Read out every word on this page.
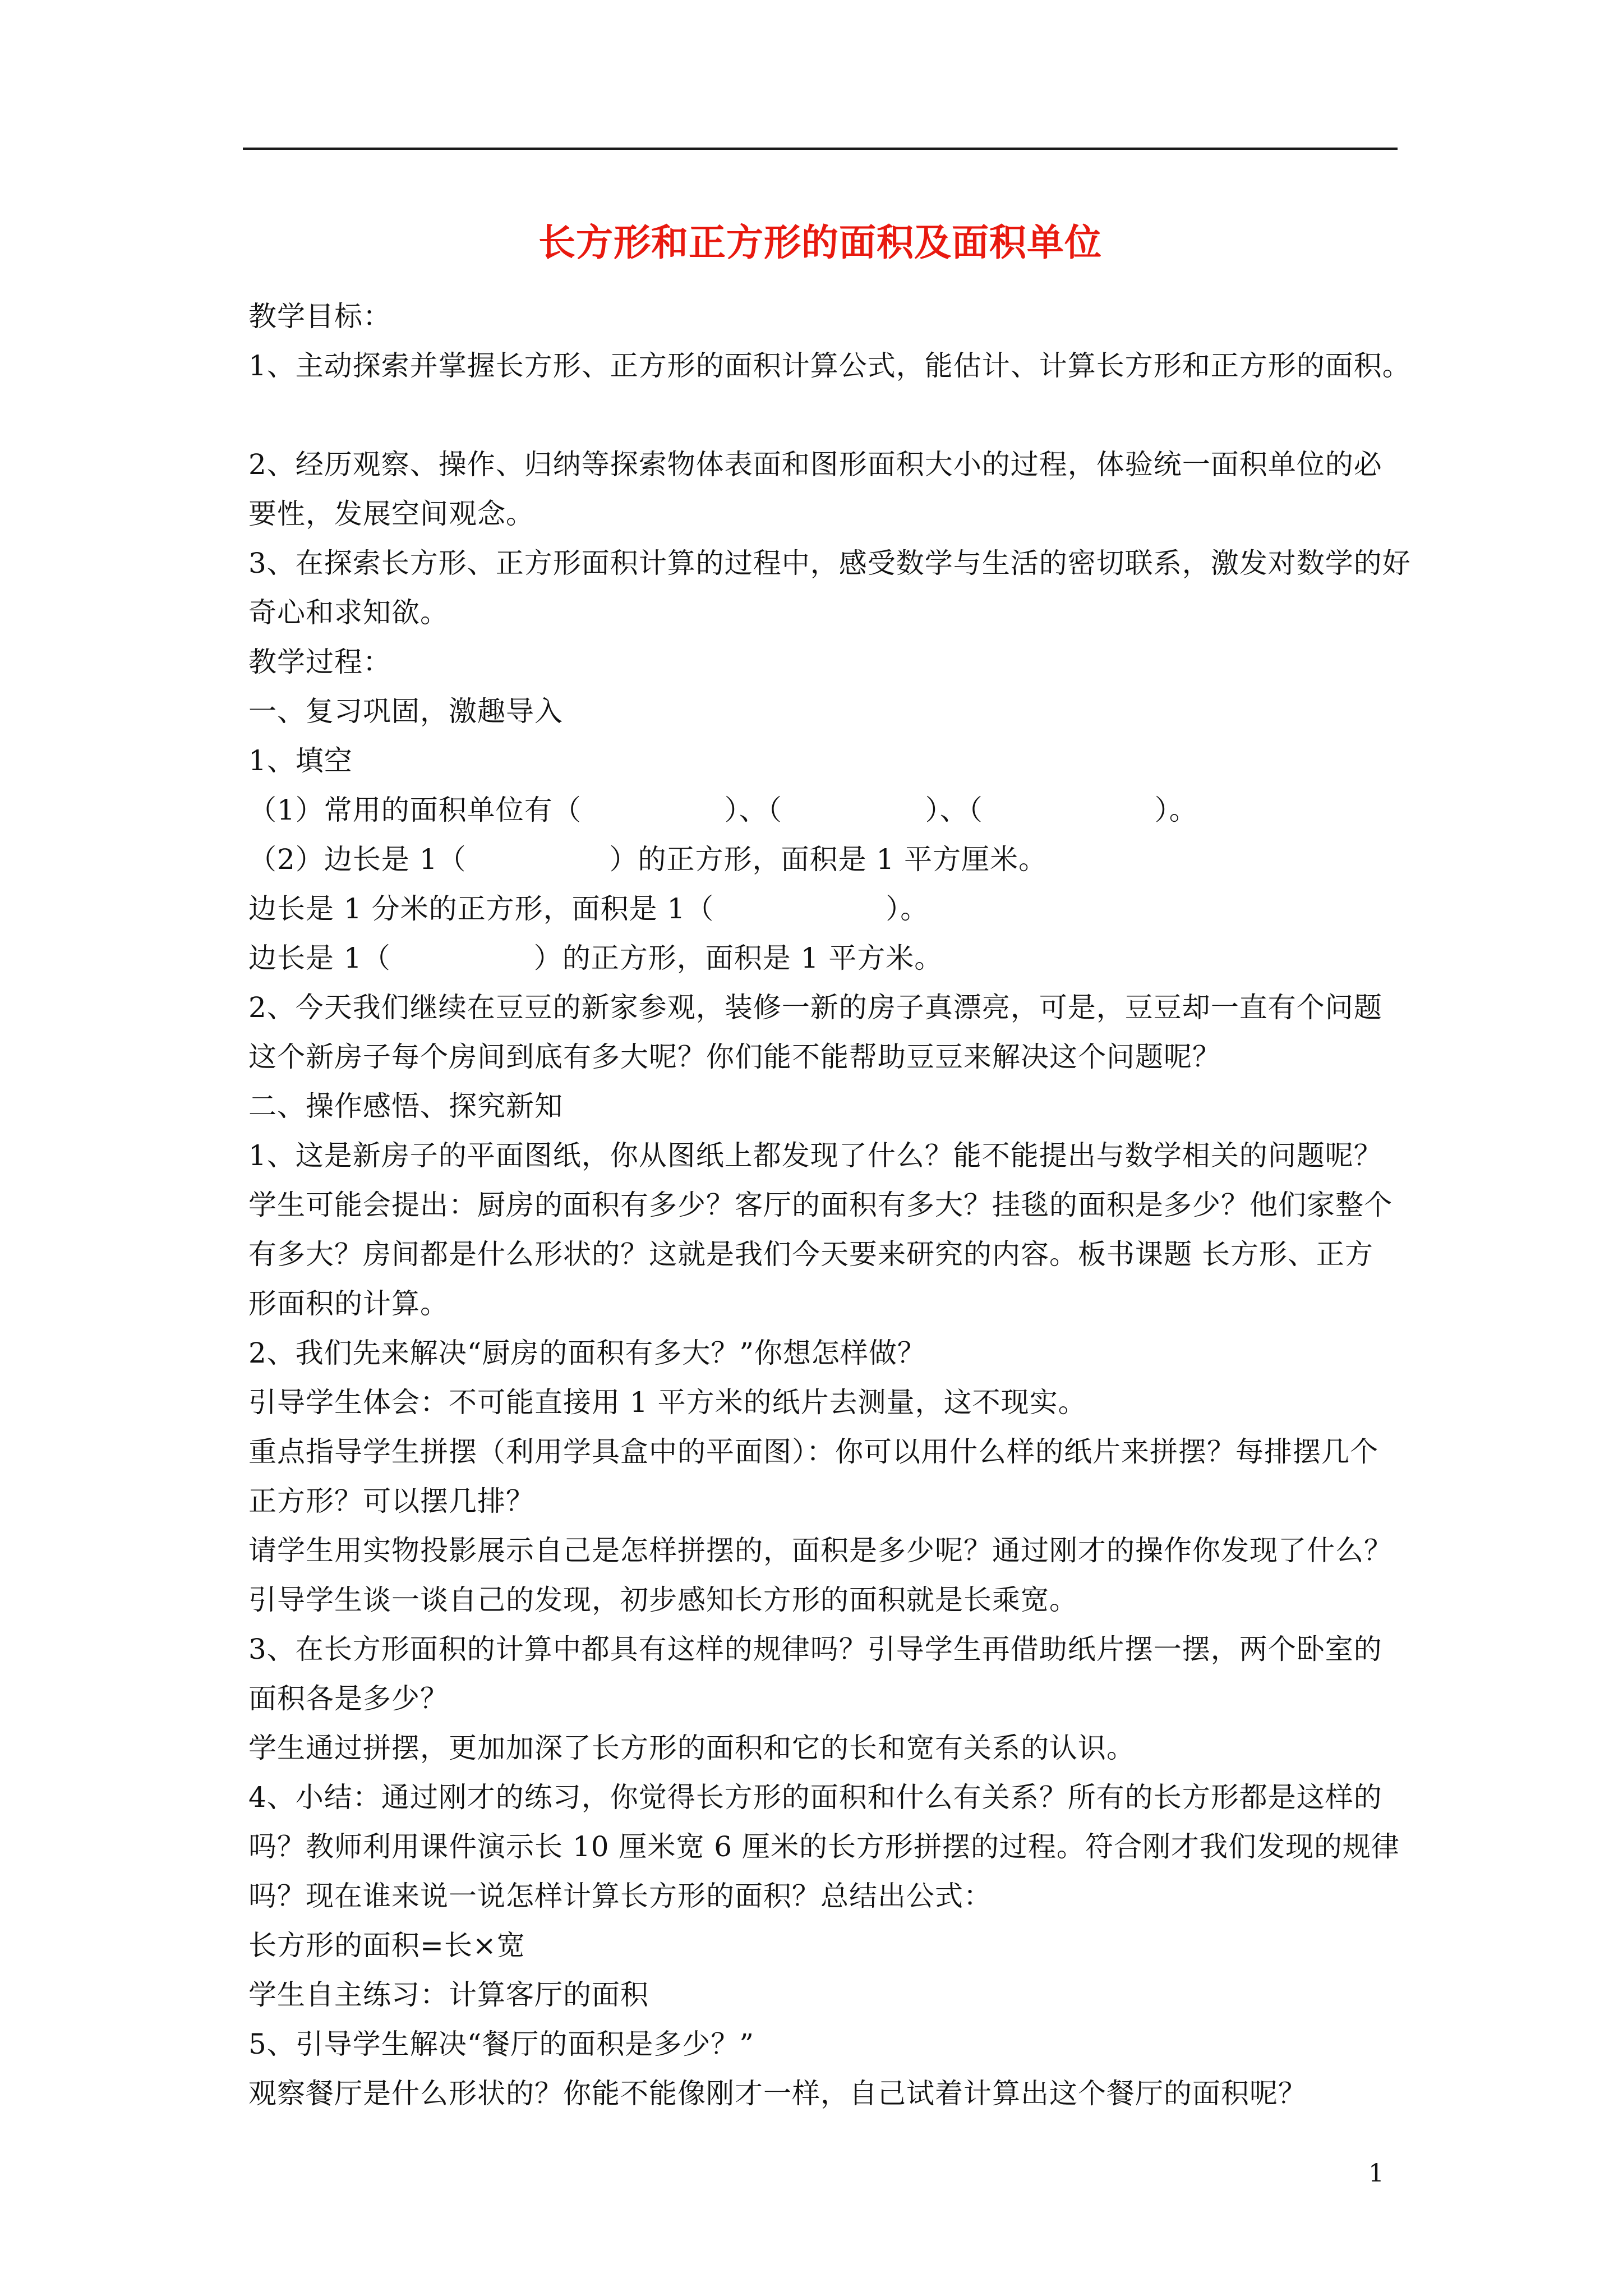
长方形和正方形的面积及面积单位
教学目标：
1、主动探索并掌握长方形、正方形的面积计算公式，能估计、计算长方形和正方形的面积。
2、经历观察、操作、归纳等探索物体表面和图形面积大小的过程，体验统一面积单位的必
要性，发展空间观念。
3、在探索长方形、正方形面积计算的过程中，感受数学与生活的密切联系，激发对数学的好
奇心和求知欲。
教学过程：
一、复习巩固，激趣导入
1、填空
（1）常用的面积单位有（　　　　　）、（　　　　　）、（　　　　　　）。
（2）边长是 1（　　　　　）的正方形，面积是 1 平方厘米。
边长是 1 分米的正方形，面积是 1（　　　　　　）。
边长是 1（　　　　　）的正方形，面积是 1 平方米。
2、今天我们继续在豆豆的新家参观，装修一新的房子真漂亮，可是，豆豆却一直有个问题
这个新房子每个房间到底有多大呢？你们能不能帮助豆豆来解决这个问题呢？
二、操作感悟、探究新知
1、这是新房子的平面图纸，你从图纸上都发现了什么？能不能提出与数学相关的问题呢？
学生可能会提出：厨房的面积有多少？客厅的面积有多大？挂毯的面积是多少？他们家整个
有多大？房间都是什么形状的？这就是我们今天要来研究的内容。板书课题 长方形、正方
形面积的计算。
2、我们先来解决“厨房的面积有多大？”你想怎样做？
引导学生体会：不可能直接用 1 平方米的纸片去测量，这不现实。
重点指导学生拼摆（利用学具盒中的平面图）：你可以用什么样的纸片来拼摆？每排摆几个
正方形？可以摆几排？
请学生用实物投影展示自己是怎样拼摆的，面积是多少呢？通过刚才的操作你发现了什么？
引导学生谈一谈自己的发现，初步感知长方形的面积就是长乘宽。
3、在长方形面积的计算中都具有这样的规律吗？引导学生再借助纸片摆一摆，两个卧室的
面积各是多少？
学生通过拼摆，更加加深了长方形的面积和它的长和宽有关系的认识。
4、小结：通过刚才的练习，你觉得长方形的面积和什么有关系？所有的长方形都是这样的
吗？教师利用课件演示长 10 厘米宽 6 厘米的长方形拼摆的过程。符合刚才我们发现的规律
吗？现在谁来说一说怎样计算长方形的面积？总结出公式：
长方形的面积=长×宽
学生自主练习：计算客厅的面积
5、引导学生解决“餐厅的面积是多少？”
观察餐厅是什么形状的？你能不能像刚才一样，自己试着计算出这个餐厅的面积呢？
1
